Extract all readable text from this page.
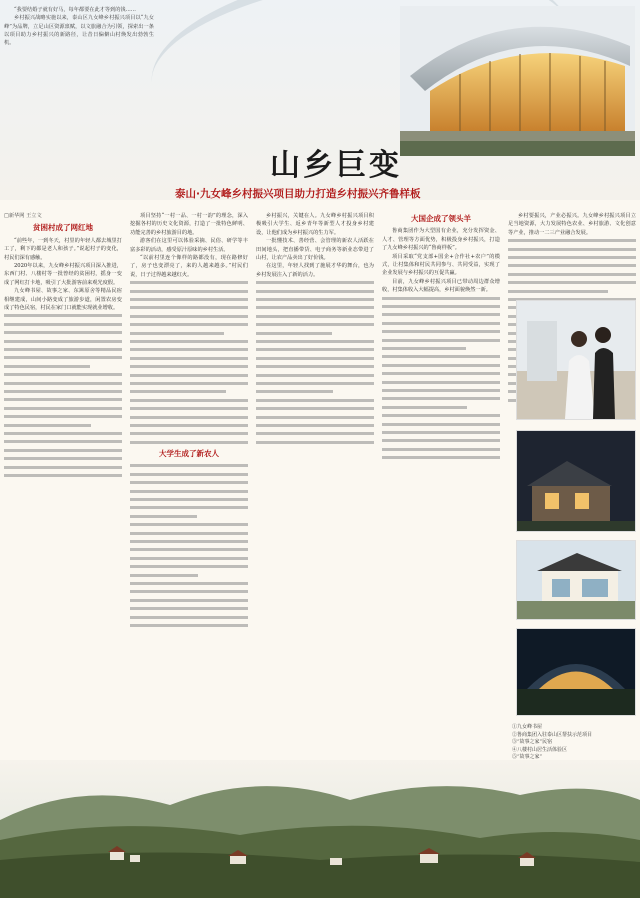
“我要结婚子就有好马，每年都要在此才等到的钱……

乡村振兴战略实施以来，泰山区九女峰乡村振兴项目以“九女峰”为品牌，立足山区资源禀赋，以文旅融合为引领，探索出一条以项目助力乡村振兴的新路径，让昔日偏僻山村焕发出勃勃生机。

山乡巨变
泰山·九女峰乡村振兴项目助力打造乡村振兴齐鲁样板
□新华网 王立文
贫困村成了网红地

“前些年，一到冬天，村里的年轻人都去城里打工了，剩下的都是老人和孩子。”说起村子的变化，村民们深有感触。

2020年以来，九女峰乡村振兴项目深入推进，东西门村、八楼村等一批曾经的贫困村，摇身一变成了网红打卡地，吸引了大批游客前来观光度假。

九女峰书屋、故事之家、东篱原舍等精品民宿相继建成，山间小路变成了旅游步道，闲置农房变成了特色民宿，村民在家门口就能实现就业增收。

项目坚持“一村一品、一村一韵”的理念，深入挖掘各村的历史文化资源，打造了一批特色鲜明、功能完善的乡村旅游目的地。

游客们在这里可以体验采摘、民俗、研学等丰富多彩的活动，感受原汁原味的乡村生活。

“以前村里连个像样的路都没有，现在路修好了，房子也变漂亮了，来的人越来越多。”村民们说，日子过得越来越红火。

大学生成了新农人

乡村振兴，关键在人。九女峰乡村振兴项目积极吸引大学生、返乡青年等新型人才投身乡村建设，让他们成为乡村振兴的生力军。

一批懂技术、善经营、会管理的新农人活跃在田间地头，把直播带货、电子商务等新业态带进了山村，让农产品卖出了好价钱。

在这里，年轻人找到了施展才华的舞台，也为乡村发展注入了新的活力。

大国企成了领头羊

鲁商集团作为大型国有企业，充分发挥资金、人才、管理等方面优势，积极投身乡村振兴，打造了九女峰乡村振兴的“鲁商样板”。

项目采取“党支部+国企+合作社+农户”的模式，让村集体和村民共同参与、共同受益，实现了企业发展与乡村振兴的互促共赢。

目前，九女峰乡村振兴项目已带动周边群众增收，村集体收入大幅提高，乡村面貌焕然一新。

乡村要振兴，产业必振兴。九女峰乡村振兴项目立足当地资源，大力发展特色农业、乡村旅游、文化创意等产业，推动一二三产业融合发展。

①九女峰书屋
②鲁商集团入驻泰山区帮扶示范项目
③“故事之家”民宿
④八楼村山居生活体验区
⑤“故事之家”
